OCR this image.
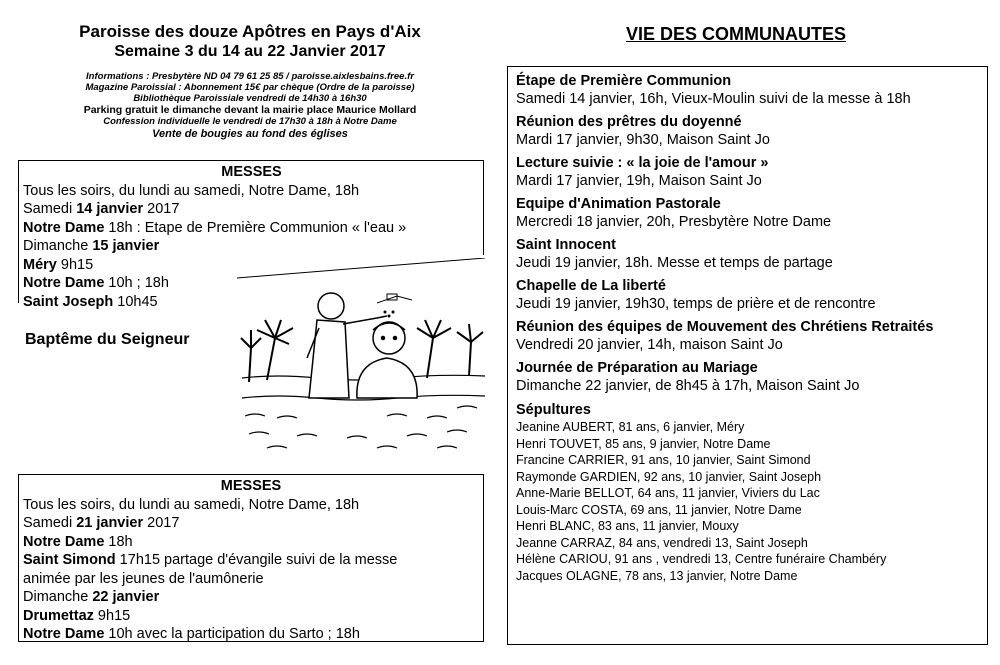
Paroisse des douze Apôtres en Pays d'Aix
Semaine 3 du 14 au 22 Janvier 2017
Informations : Presbytère ND 04 79 61 25 85 / paroisse.aixlesbains.free.fr
Magazine Paroissial : Abonnement 15€ par chèque (Ordre de la paroisse)
Bibliothèque Paroissiale vendredi de 14h30 à 16h30
Parking gratuit le dimanche devant la mairie place Maurice Mollard
Confession individuelle le vendredi de 17h30 à 18h à Notre Dame
Vente de bougies au fond des églises
MESSES
Tous les soirs, du lundi au samedi, Notre Dame, 18h
Samedi 14 janvier 2017
Notre Dame 18h : Etape de Première Communion « l'eau »
Dimanche 15 janvier
Méry 9h15
Notre Dame 10h ; 18h
Saint Joseph 10h45
Baptême du Seigneur
MESSES
Tous les soirs, du lundi au samedi, Notre Dame, 18h
Samedi 21 janvier 2017
Notre Dame 18h
Saint Simond 17h15 partage d'évangile suivi de la messe
animée par les jeunes de l'aumônerie
Dimanche 22 janvier
Drumettaz 9h15
Notre Dame 10h avec la participation du Sarto ; 18h
VIE DES COMMUNAUTES
Étape de Première Communion
Samedi 14 janvier, 16h, Vieux-Moulin suivi de la messe à 18h
Réunion des prêtres du doyenné
Mardi 17 janvier, 9h30, Maison Saint Jo
Lecture suivie : « la joie de l'amour »
Mardi 17 janvier, 19h, Maison Saint Jo
Equipe d'Animation Pastorale
Mercredi 18 janvier, 20h, Presbytère Notre Dame
Saint Innocent
Jeudi 19 janvier, 18h. Messe et temps de partage
Chapelle de La liberté
Jeudi 19 janvier, 19h30, temps de prière et de rencontre
Réunion des équipes de Mouvement des Chrétiens Retraités
Vendredi 20 janvier, 14h, maison Saint Jo
Journée de Préparation au Mariage
Dimanche 22 janvier, de 8h45 à 17h, Maison Saint Jo
Sépultures
Jeanine AUBERT, 81 ans, 6 janvier, Méry
Henri TOUVET, 85 ans, 9 janvier, Notre Dame
Francine CARRIER, 91 ans, 10 janvier, Saint Simond
Raymonde GARDIEN, 92 ans, 10 janvier, Saint Joseph
Anne-Marie BELLOT, 64 ans, 11 janvier, Viviers du Lac
Louis-Marc COSTA, 69 ans, 11 janvier, Notre Dame
Henri BLANC, 83 ans, 11 janvier, Mouxy
Jeanne CARRAZ, 84 ans, vendredi 13, Saint Joseph
Hélène CARIOU, 91 ans , vendredi 13, Centre funéraire Chambéry
Jacques OLAGNE, 78 ans, 13 janvier, Notre Dame
